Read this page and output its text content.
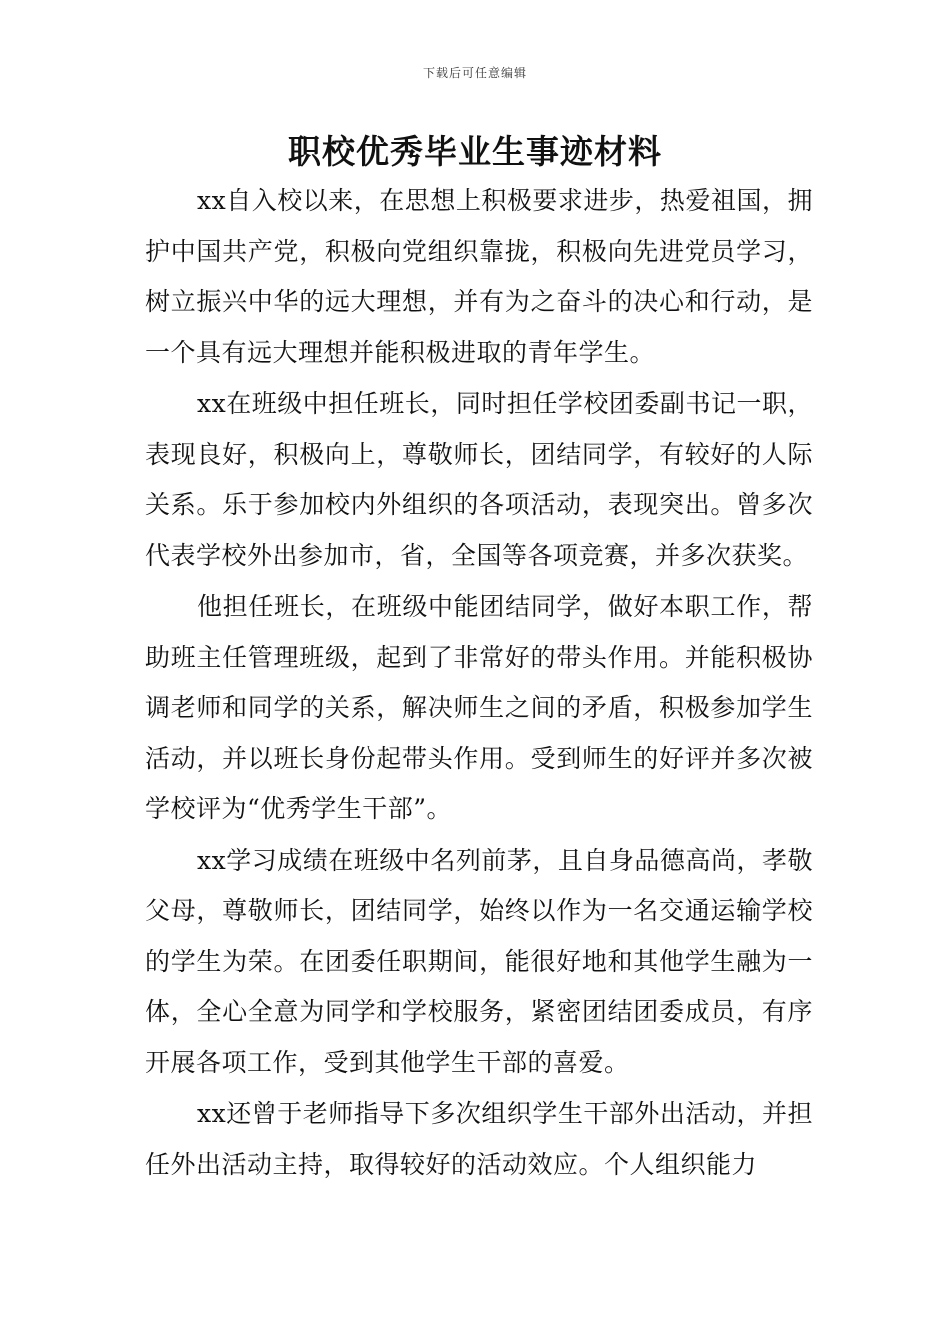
下载后可任意编辑
职校优秀毕业生事迹材料

xx自入校以来，在思想上积极要求进步，热爱祖国，拥护中国共产党，积极向党组织靠拢，积极向先进党员学习，树立振兴中华的远大理想，并有为之奋斗的决心和行动，是一个具有远大理想并能积极进取的青年学生。

xx在班级中担任班长，同时担任学校团委副书记一职，表现良好，积极向上，尊敬师长，团结同学，有较好的人际关系。乐于参加校内外组织的各项活动，表现突出。曾多次代表学校外出参加市，省，全国等各项竞赛，并多次获奖。

他担任班长，在班级中能团结同学，做好本职工作，帮助班主任管理班级，起到了非常好的带头作用。并能积极协调老师和同学的关系，解决师生之间的矛盾，积极参加学生活动，并以班长身份起带头作用。受到师生的好评并多次被学校评为“优秀学生干部”。

xx学习成绩在班级中名列前茅，且自身品德高尚，孝敬父母，尊敬师长，团结同学，始终以作为一名交通运输学校的学生为荣。在团委任职期间，能很好地和其他学生融为一体，全心全意为同学和学校服务，紧密团结团委成员，有序开展各项工作，受到其他学生干部的喜爱。

xx还曾于老师指导下多次组织学生干部外出活动，并担任外出活动主持，取得较好的活动效应。个人组织能力
